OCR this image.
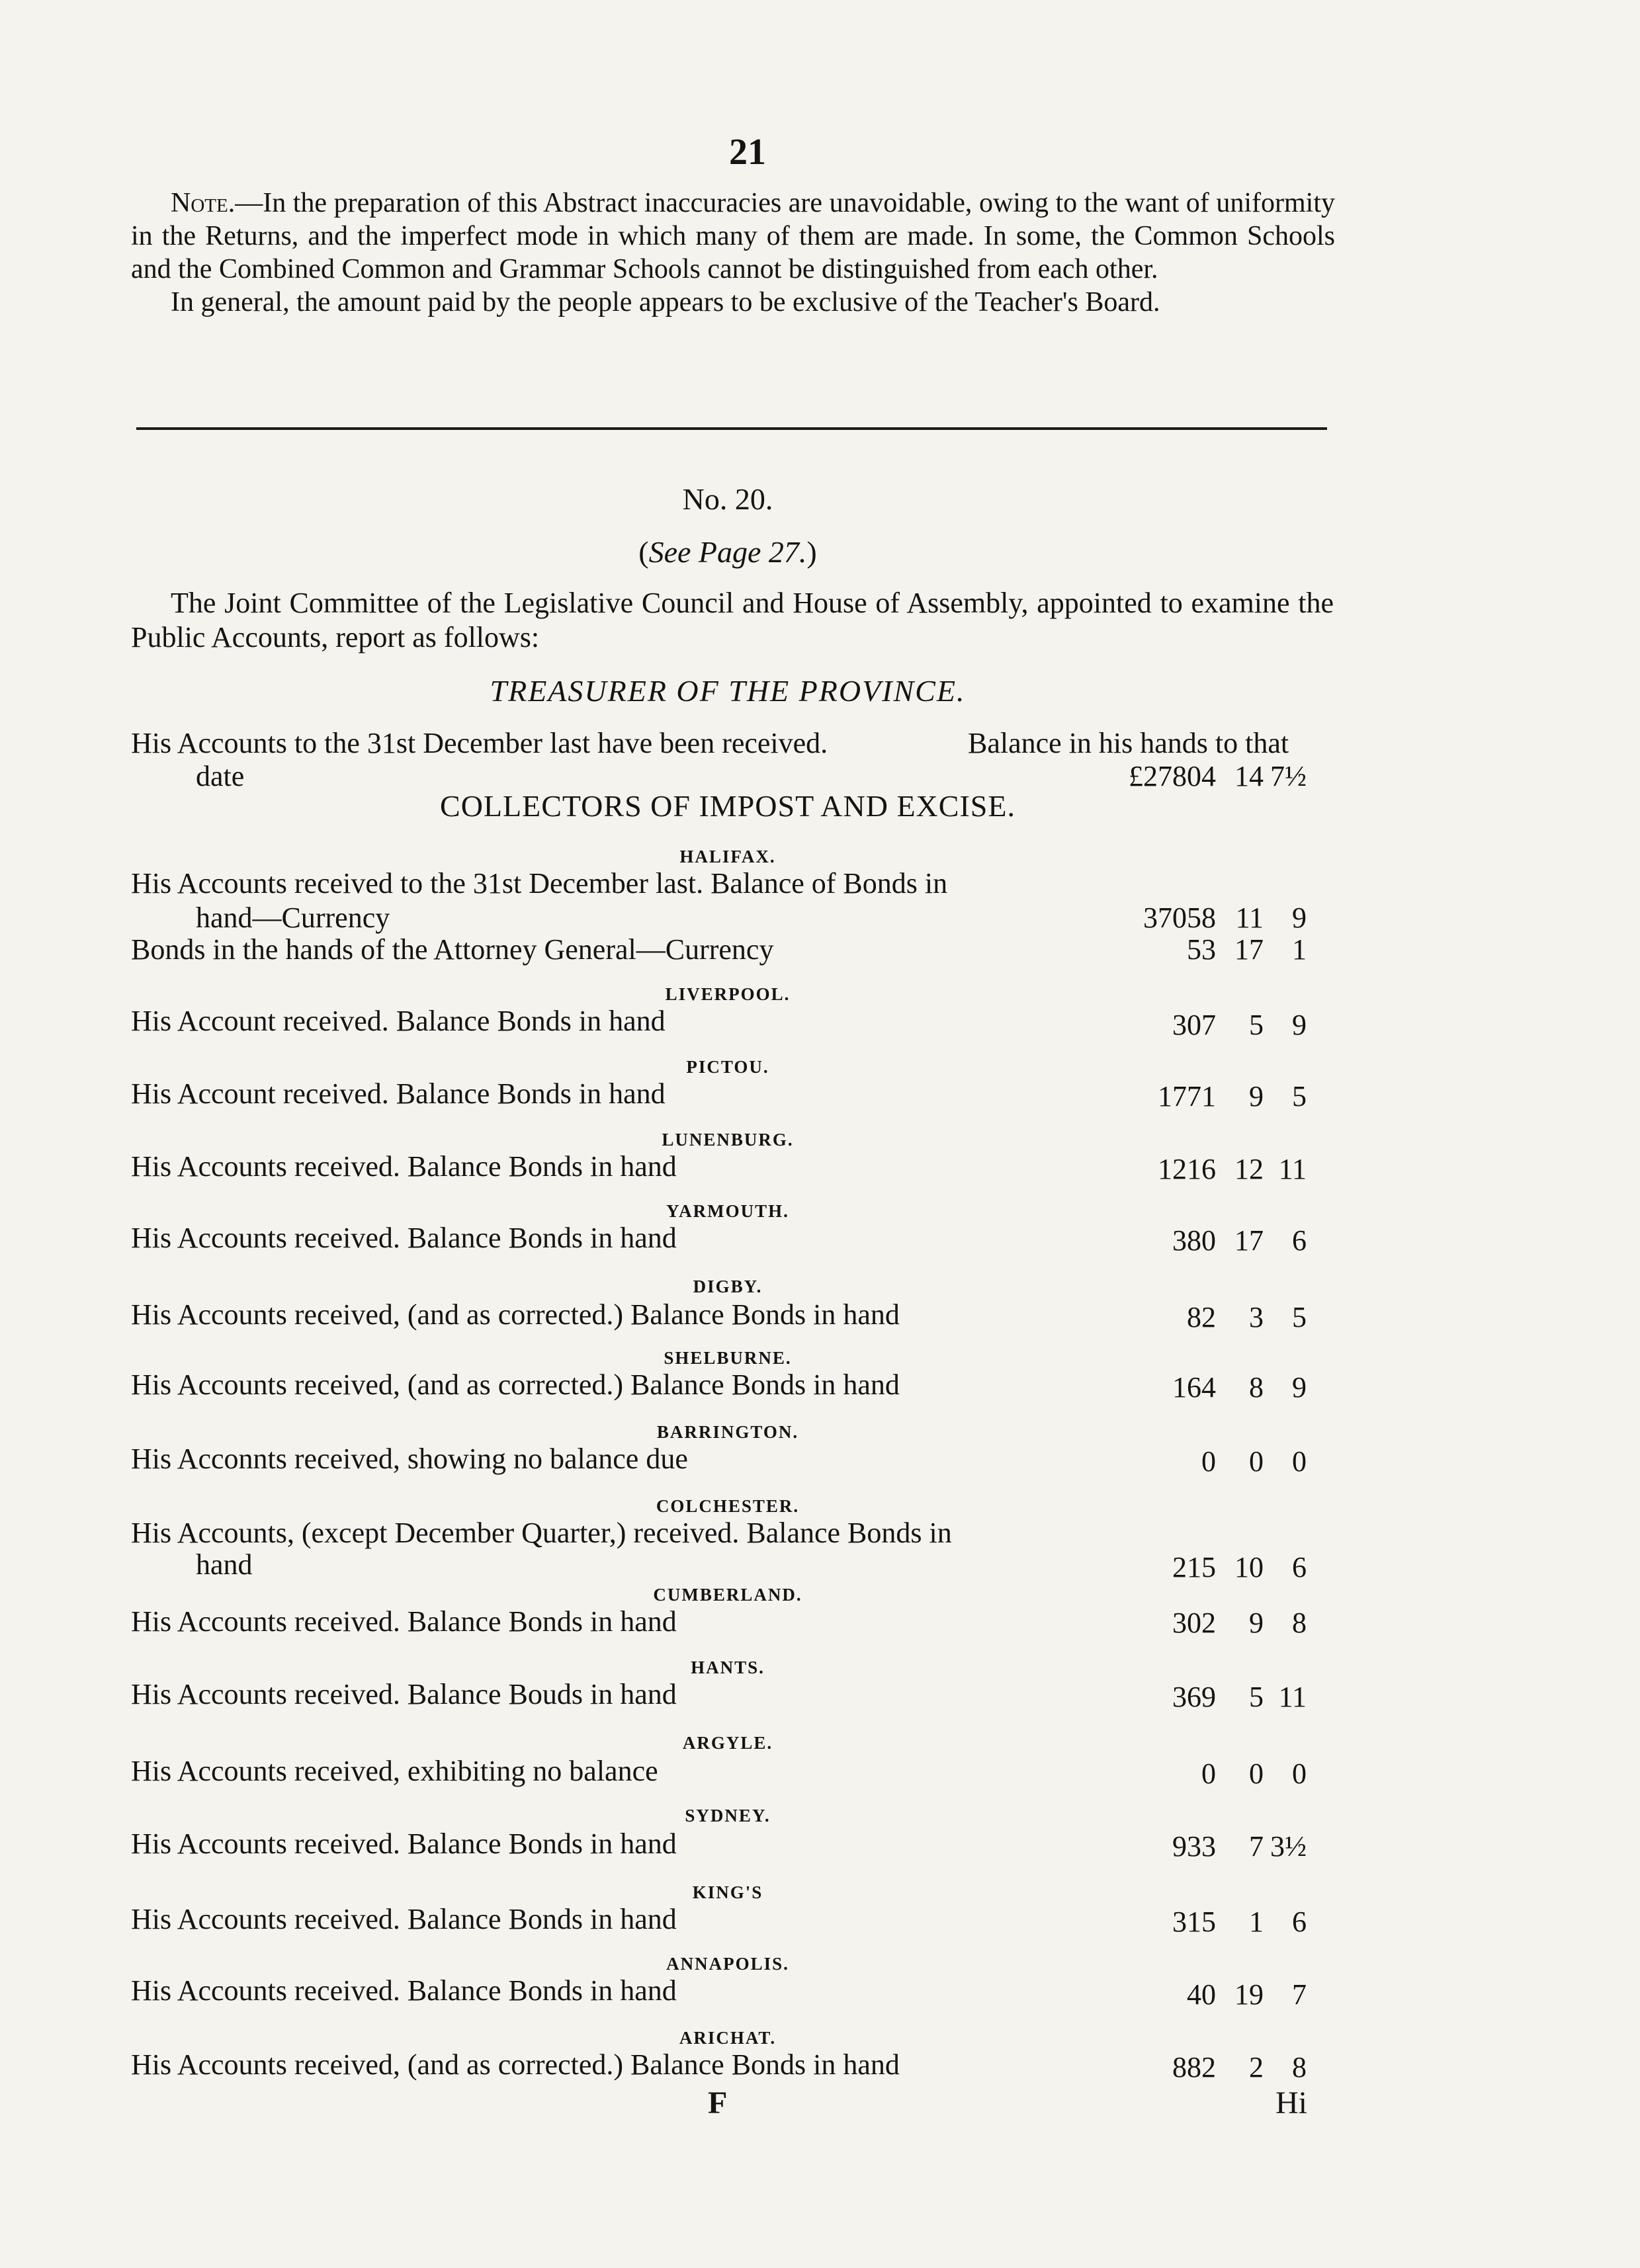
21

Note.—In the preparation of this Abstract inaccuracies are unavoidable, owing to the want of uniformity in the Returns, and the imperfect mode in which many of them are made. In some, the Common Schools and the Combined Common and Grammar Schools cannot be distinguished from each other.

In general, the amount paid by the people appears to be exclusive of the Teacher's Board.

No. 20.
(See Page 27.)
The Joint Committee of the Legislative Council and House of Assembly, appointed to examine the Public Accounts, report as follows:
TREASURER OF THE PROVINCE.
His Accounts to the 31st December last have been received.	Balance in his hands to that
date	£27804 14 7½
COLLECTORS OF IMPOST AND EXCISE.
HALIFAX.
His Accounts received to the 31st December last. Balance of Bonds in
hand—Currency	37058 11 9
Bonds in the hands of the Attorney General—Currency	53 17 1
LIVERPOOL.
His Account received. Balance Bonds in hand	307	5 9
PICTOU.
His Account received. Balance Bonds in hand	1771	9 5
LUNENBURG.
His Accounts received. Balance Bonds in hand	1216 12 11
YARMOUTH.
His Accounts received. Balance Bonds in hand	380 17 6
DIGBY.
His Accounts received, (and as corrected.) Balance Bonds in hand	82	3 5
SHELBURNE.
His Accounts received, (and as corrected.) Balance Bonds in hand	164	8 9
BARRINGTON.
His Acconnts received, showing no balance due	0	0 0
COLCHESTER.
His Accounts, (except December Quarter,) received. Balance Bonds in
hand	215 10 6
CUMBERLAND.
His Accounts received. Balance Bonds in hand	302	9 8
HANTS.
His Accounts received. Balance Bouds in hand	369	5 11
ARGYLE.
His Accounts received, exhibiting no balance	0	0 0
SYDNEY.
His Accounts received. Balance Bonds in hand	933	7 3½
KING'S
His Accounts received. Balance Bonds in hand	315	1 6
ANNAPOLIS.
His Accounts received. Balance Bonds in hand	40 19 7
ARICHAT.
His Accounts received, (and as corrected.) Balance Bonds in hand	882	2 8
F	Hi
